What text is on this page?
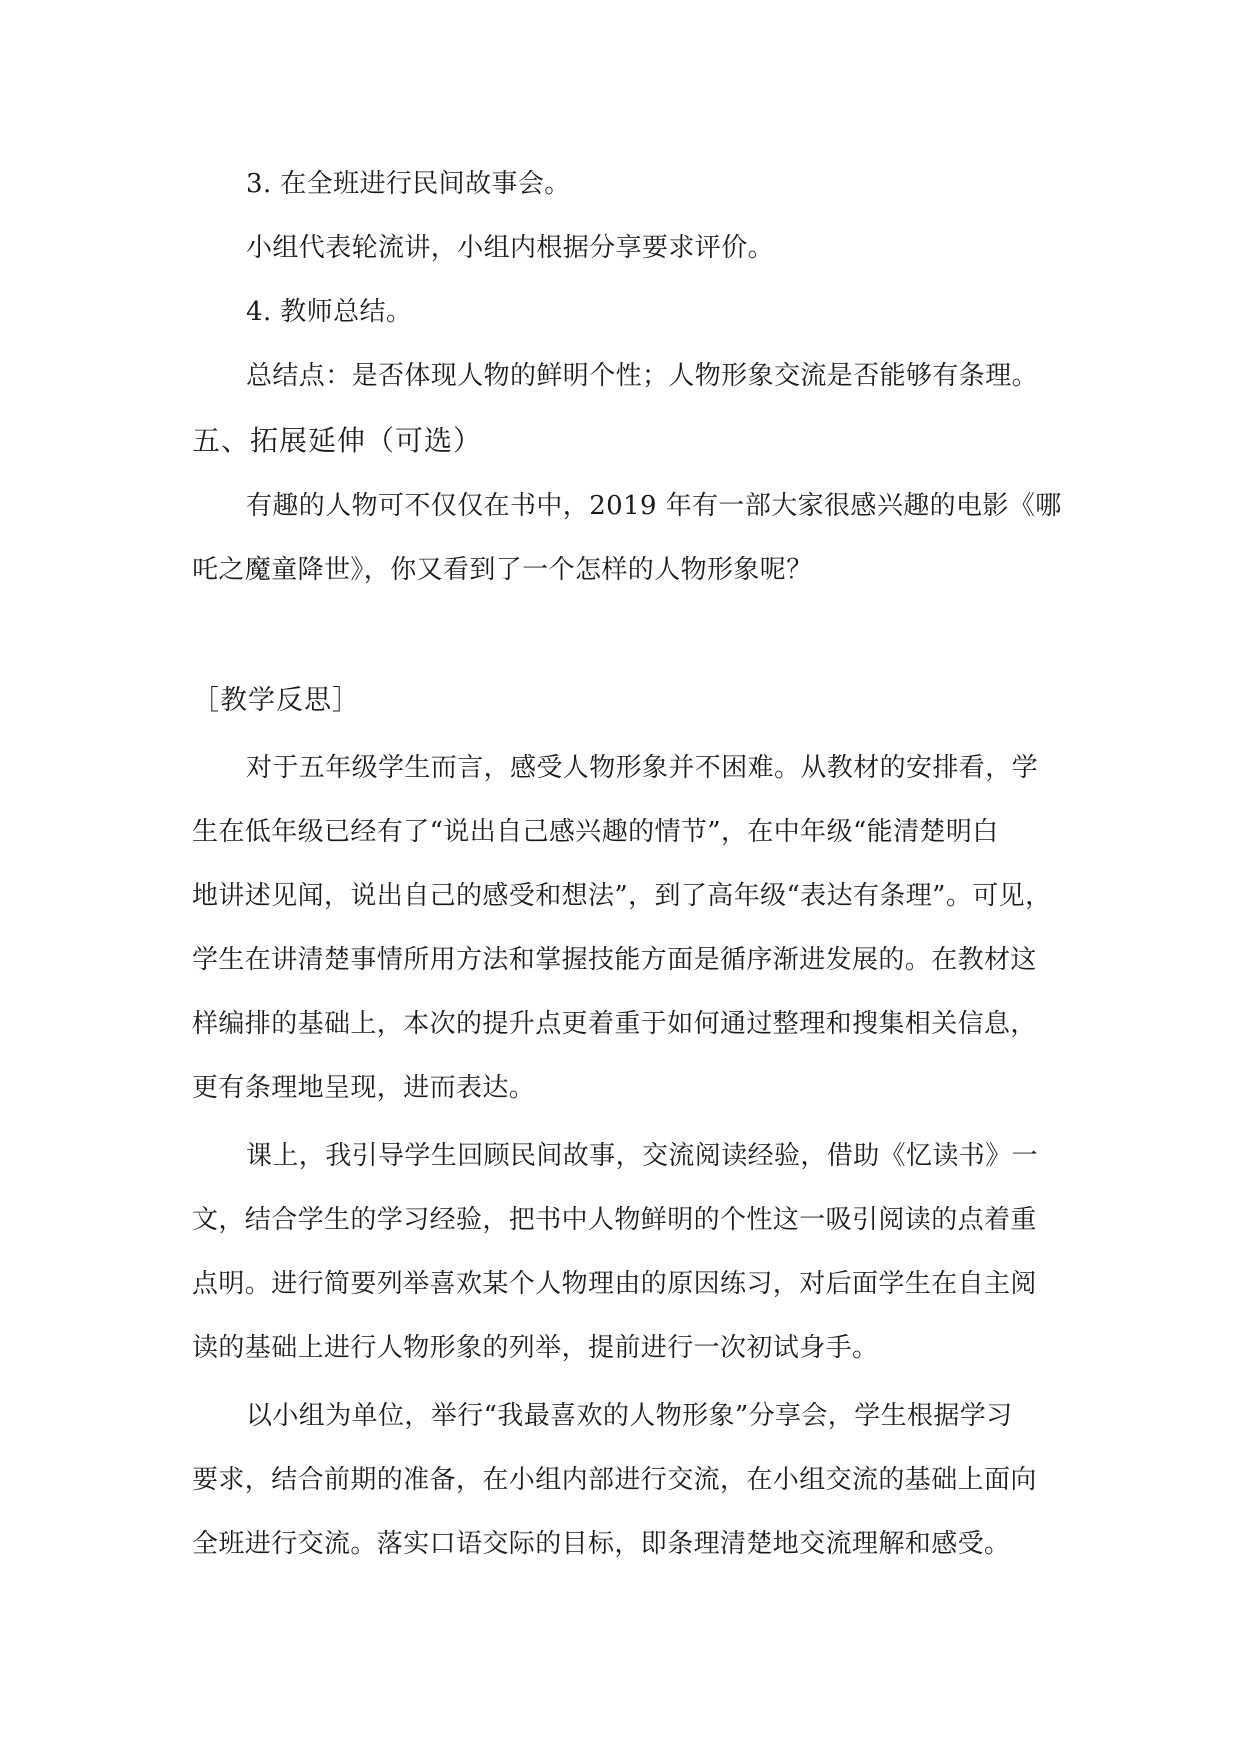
3. 在全班进行民间故事会。
小组代表轮流讲，小组内根据分享要求评价。
4. 教师总结。
总结点：是否体现人物的鲜明个性；人物形象交流是否能够有条理。
五、拓展延伸（可选）
有趣的人物可不仅仅在书中，2019 年有一部大家很感兴趣的电影《哪
吒之魔童降世》，你又看到了一个怎样的人物形象呢？
［教学反思］
对于五年级学生而言，感受人物形象并不困难。从教材的安排看，学
生在低年级已经有了“说出自己感兴趣的情节”，在中年级“能清楚明白
地讲述见闻，说出自己的感受和想法”，到了高年级“表达有条理”。可见，
学生在讲清楚事情所用方法和掌握技能方面是循序渐进发展的。在教材这
样编排的基础上，本次的提升点更着重于如何通过整理和搜集相关信息，
更有条理地呈现，进而表达。
课上，我引导学生回顾民间故事，交流阅读经验，借助《忆读书》一
文，结合学生的学习经验，把书中人物鲜明的个性这一吸引阅读的点着重
点明。进行简要列举喜欢某个人物理由的原因练习，对后面学生在自主阅
读的基础上进行人物形象的列举，提前进行一次初试身手。
以小组为单位，举行“我最喜欢的人物形象”分享会，学生根据学习
要求，结合前期的准备，在小组内部进行交流，在小组交流的基础上面向
全班进行交流。落实口语交际的目标，即条理清楚地交流理解和感受。
